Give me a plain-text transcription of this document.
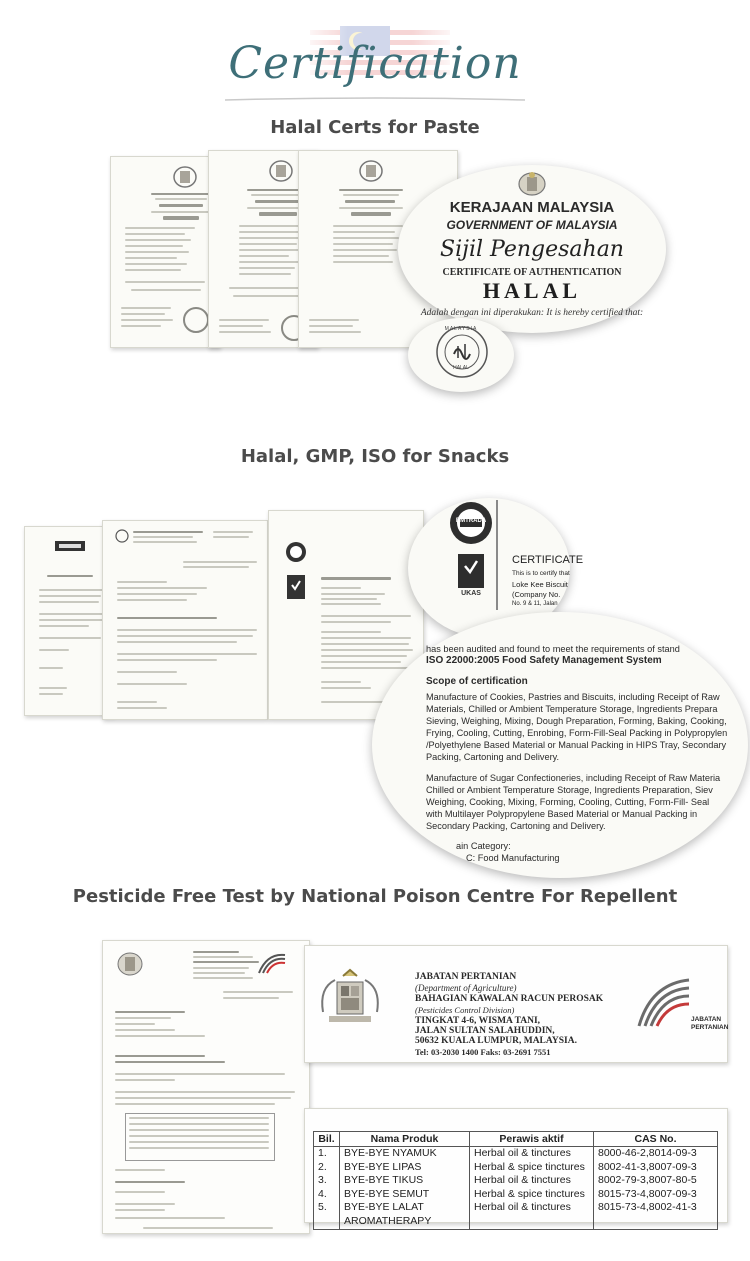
Certification
Halal Certs for Paste
KERAJAAN MALAYSIA
GOVERNMENT OF MALAYSIA
Sijil Pengesahan
CERTIFICATE OF AUTHENTICATION
HALAL
Adalah dengan ini diperakukan: It is hereby certified that:
HALAL
MALAYSIA
Halal, GMP, ISO for Snacks
BMTRADA
UKAS
CERTIFICATE
This is to certify that
Loke Kee Biscuit
(Company No.
No. 9 & 11, Jalan
has been audited and found to meet the requirements of stand
ISO 22000:2005 Food Safety Management System
Scope of certification
Manufacture of Cookies, Pastries and Biscuits, including Receipt of Raw
Materials, Chilled or Ambient Temperature Storage, Ingredients Prepara
Sieving, Weighing, Mixing, Dough Preparation, Forming, Baking, Cooking,
Frying, Cooling, Cutting, Enrobing, Form-Fill-Seal Packing in Polypropylen
/Polyethylene Based Material or Manual Packing in HIPS Tray, Secondary
Packing, Cartoning and Delivery.
Manufacture of Sugar Confectioneries, including Receipt of Raw Materia
Chilled or Ambient Temperature Storage, Ingredients Preparation, Siev
Weighing, Cooking, Mixing, Forming, Cooling, Cutting, Form-Fill- Seal
with Multilayer Polypropylene Based Material or Manual Packing in
Secondary Packing, Cartoning and Delivery.
ain Category:
C: Food Manufacturing
Pesticide Free Test by National Poison Centre For Repellent
JABATAN PERTANIAN
(Department of Agriculture)
BAHAGIAN KAWALAN RACUN PEROSAK
(Pesticides Control Division)
TINGKAT 4-6, WISMA TANI,
JALAN SULTAN SALAHUDDIN,
50632 KUALA LUMPUR, MALAYSIA.
Tel: 03-2030 1400 Faks: 03-2691 7551
JABATAN PERTANIAN
Bil.	Nama Produk	Perawis aktif	CAS No.
1.	BYE-BYE NYAMUK	Herbal oil & tinctures	8000-46-2,8014-09-3
2.	BYE-BYE LIPAS	Herbal & spice tinctures	8002-41-3,8007-09-3
3.	BYE-BYE TIKUS	Herbal oil & tinctures	8002-79-3,8007-80-5
4.	BYE-BYE SEMUT	Herbal & spice tinctures	8015-73-4,8007-09-3
5.	BYE-BYE LALAT	Herbal oil & tinctures	8015-73-4,8002-41-3
	AROMATHERAPY		
